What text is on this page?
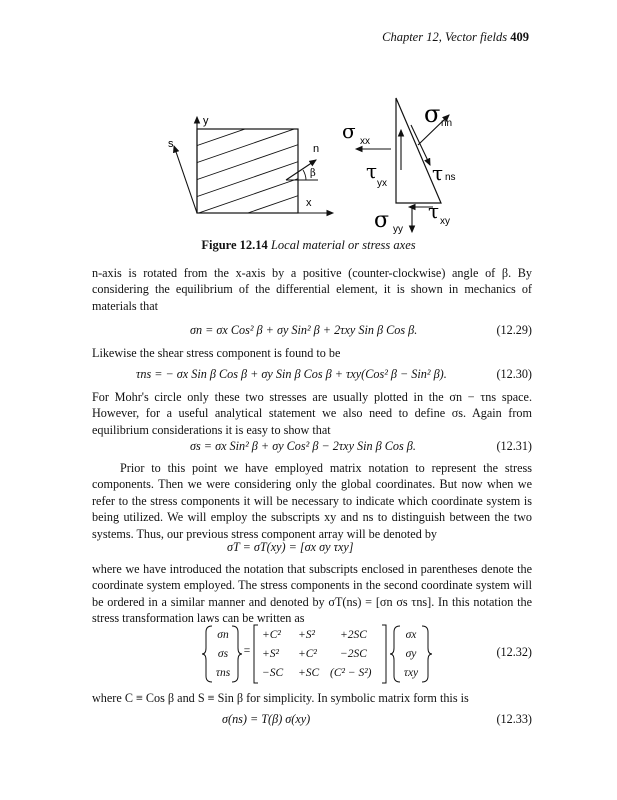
Chapter 12, Vector fields 409
y
s	n
β
x
σ xx
τ
yx
σ nn
τ ns
τ xy
σ yy
Figure 12.14 Local material or stress axes
n-axis is rotated from the x-axis by a positive (counter-clockwise) angle of β. By considering the equilibrium of the differential element, it is shown in mechanics of materials that
σn = σx Cos² β + σy Sin² β + 2τxy Sin β Cos β.	(12.29)
Likewise the shear stress component is found to be
τns = − σx Sin β Cos β + σy Sin β Cos β + τxy(Cos² β − Sin² β).	(12.30)
For Mohr's circle only these two stresses are usually plotted in the σn − τns space. However, for a useful analytical statement we also need to define σs. Again from equilibrium considerations it is easy to show that
σs = σx Sin² β + σy Cos² β − 2τxy Sin β Cos β.	(12.31)
Prior to this point we have employed matrix notation to represent the stress components. Then we were considering only the global coordinates. But now when we refer to the stress components it will be necessary to indicate which coordinate system is being utilized. We will employ the subscripts xy and ns to distinguish between the two systems. Thus, our previous stress component array will be denoted by
σT = σT(xy) = [σx σy τxy]
where we have introduced the notation that subscripts enclosed in parentheses denote the coordinate system employed. The stress components in the second coordinate system will be ordered in a similar manner and denoted by σT(ns) = [σn σs τns]. In this notation the stress transformation laws can be written as
σn
σs
τns
=
+C² +S² +2SC
+S² +C² −2SC
−SC +SC (C² − S²)
σx
σy
τxy
(12.32)
where C ≡ Cos β and S ≡ Sin β for simplicity. In symbolic matrix form this is
σ(ns) = T(β) σ(xy)	(12.33)
